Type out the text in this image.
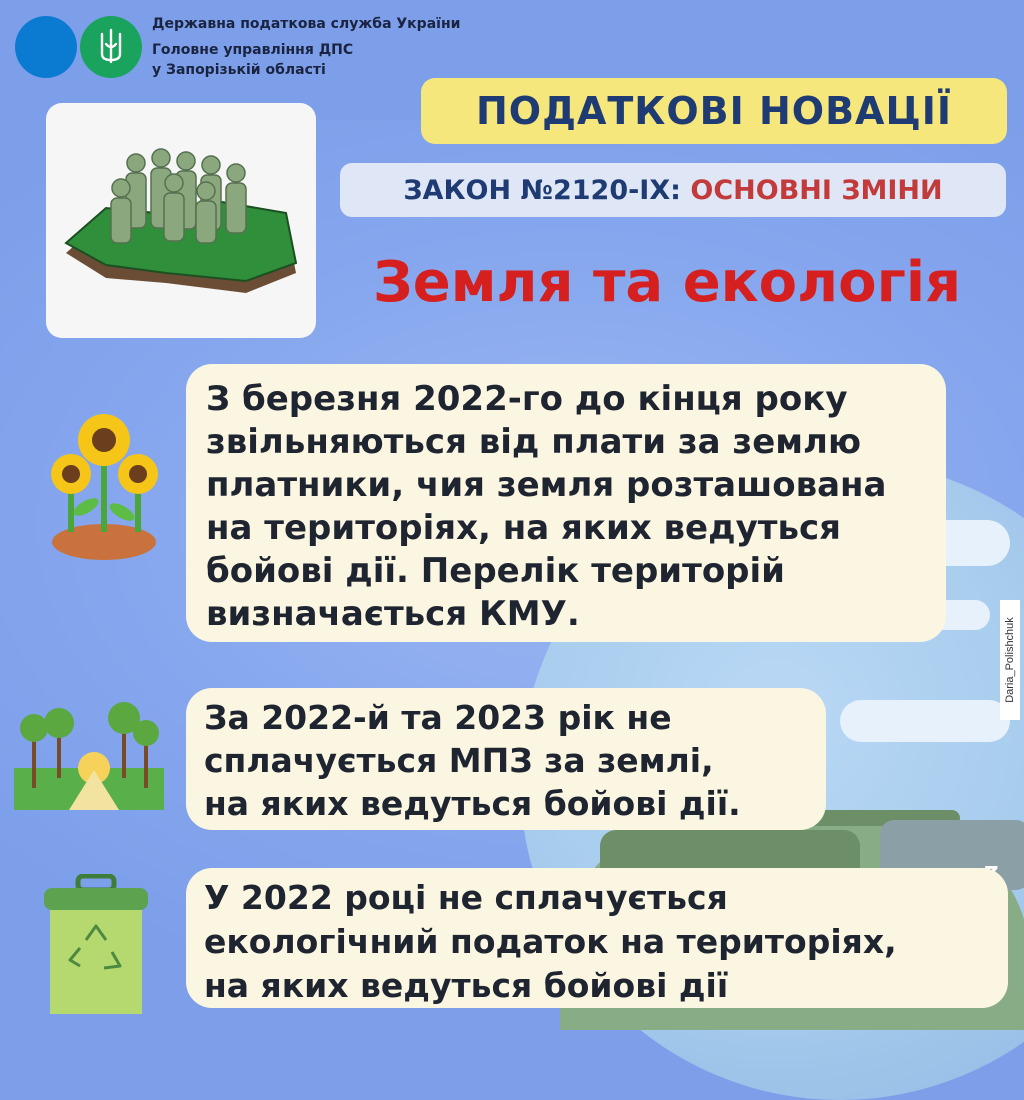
Державна податкова служба України
Головне управління ДПС
у Запорізькій області
ПОДАТКОВІ НОВАЦІЇ
ЗАКОН №2120-IX:
ОСНОВНІ ЗМІНИ
Земля та екологія
З березня 2022-го до кінця року
звільняються від плати за землю
платники, чия земля розташована
на територіях, на яких ведуться
бойові дії. Перелік територій
визначається КМУ.
За 2022-й та 2023 рік не
сплачується МПЗ за землі,
на яких ведуться бойові дії.
У 2022 році не сплачується
екологічний податок на територіях,
на яких ведуться бойові дії
Daria_Polishchuk
